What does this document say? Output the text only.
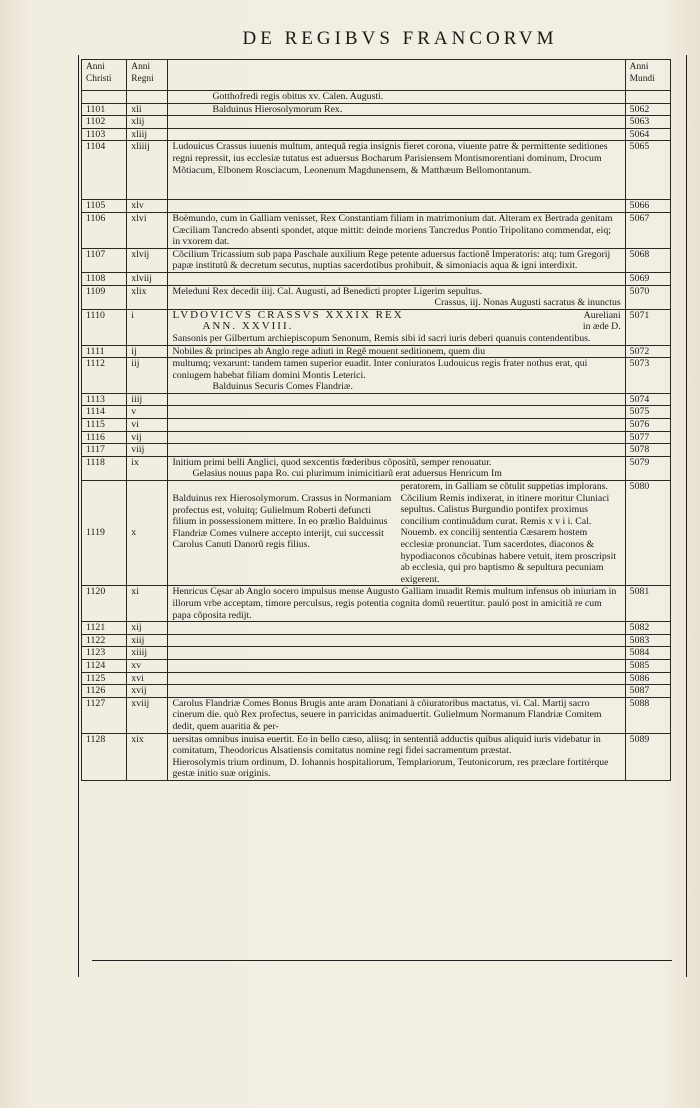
DE REGIBVS FRANCORVM
Anni Christi	Anni Regni		Anni Mundi

		Gotthofredi regis obitus xv. Calen. Augusti.	

1101	xli	Balduinus Hierosolymorum Rex.	5062
1102	xlij		5063
1103	xliij		5064
1104	xliiij	Ludouicus Crassus iuuenis multum, antequã regia insignis fieret corona, viuente patre & permittente seditiones regni repressit, ius ecclesiæ tutatus est aduersus Bocharum Parisiensem Montismorentiani dominum, Drocum Mõtiacum, Elbonem Rosciacum, Leonenum Magdunensem, & Matthæum Bellomontanum.	5065
1105	xlv		5066
1106	xlvi	Boëmundo, cum in Galliam venisset, Rex Constantiam filiam in matrimonium dat. Alteram ex Bertrada genitam Cæciliam Tancredo absenti spondet, atque mittit: deinde moriens Tancredus Pontio Tripolitano commendat, eiq; in vxorem dat.	5067
1107	xlvij	Cõcilium Tricassium sub papa Paschale auxilium Rege petente aduersus factionẽ Imperatoris: atq; tum Gregorij papæ institutũ & decretum secutus, nuptias sacerdotibus prohibuit, & simoniacis aqua & igni interdixit.	5068
1108	xlviij		5069
1109	xlix	Meleduni Rex decedit iiij. Cal. Augusti, ad Benedicti propter Ligerim sepultus.
Crassus, iij. Nonas Augusti sacratus & inunctus	5070
1110	i	LVDOVICVS CRASSVS XXXIX REX Aureliani
ANN. XXVIII. in æde D.
Sansonis per Gilbertum archiepiscopum Senonum, Remis sibi id sacri iuris deberi quanuis contendentibus.	5071
1111	ij	Nobiles & principes ab Anglo rege adiuti in Regẽ mouent seditionem, quem diu	5072
1112	iij	multumq; vexarunt: tandem tamen superior euadit. Inter coniuratos Ludouicus regis frater nothus erat, qui coniugem habebat filiam domini Montis Leterici.
Balduinus Securis Comes Flandriæ.	5073
1113	iiij		5074
1114	v		5075
1115	vi		5076
1116	vij		5077
1117	viij		5078
1118	ix	Initium primi belli Anglici, quod sexcentis fœderibus cõpositũ, semper renouatur.
Gelasius nouus papa Ro. cui plurimum inimicitiarũ erat aduersus Henricum Im	5079
1119	x	Balduinus rex Hierosolymorum. Crassus in Normaniam profectus est, voluitq; Gulielmum Roberti defuncti filium in possessionem mittere. In eo prælio Balduinus Flandriæ Comes vulnere accepto interijt, cui successit Carolus Canuti Danorũ regis filius.
peratorem, in Galliam se cõtulit suppetias implorans. Cõcilium Remis indixerat, in itinere moritur Cluniaci sepultus. Calistus Burgundio pontifex proximus concilium continuãdum curat. Remis x v i i. Cal. Nouemb. ex concilij sententia Cæsarem hostem ecclesiæ pronunciat. Tum sacerdotes, diaconos & hypodiaconos cõcubinas habere vetuit, item proscripsit ab ecclesia, qui pro baptismo & sepultura pecuniam exigerent.	5080
1120	xi	Henricus Cęsar ab Anglo socero impulsus mense Augusto Galliam inuadit Remis multum infensus ob iniuriam in illorum vrbe acceptam, timore perculsus, regis potentia cognita domũ reuertitur. pauló post in amicitiã re cum papa cõposita redijt.	5081
1121	xij		5082
1122	xiij		5083
1123	xiiij		5084
1124	xv		5085
1125	xvi		5086
1126	xvij		5087
1127	xviij	Carolus Flandriæ Comes Bonus Brugis ante aram Donatiani à cõiuratoribus mactatus, vi. Cal. Martij sacro cinerum die. quò Rex profectus, seuere in parricidas animaduertit. Gulielmum Normanum Flandriæ Comitem dedit, quem auaritia & per-	5088
1128	xix	uersitas omnibus inuisa euertit. Eo in bello cæso, aliisq; in sententiã adductis quibus aliquid iuris videbatur in comitatum, Theodoricus Alsatiensis comitatus nomine regi fidei sacramentum præstat.
Hierosolymis trium ordinum, D. Iohannis hospitaliorum, Templariorum, Teutonicorum, res præclare fortitérque gestæ initio suæ originis.	5089
